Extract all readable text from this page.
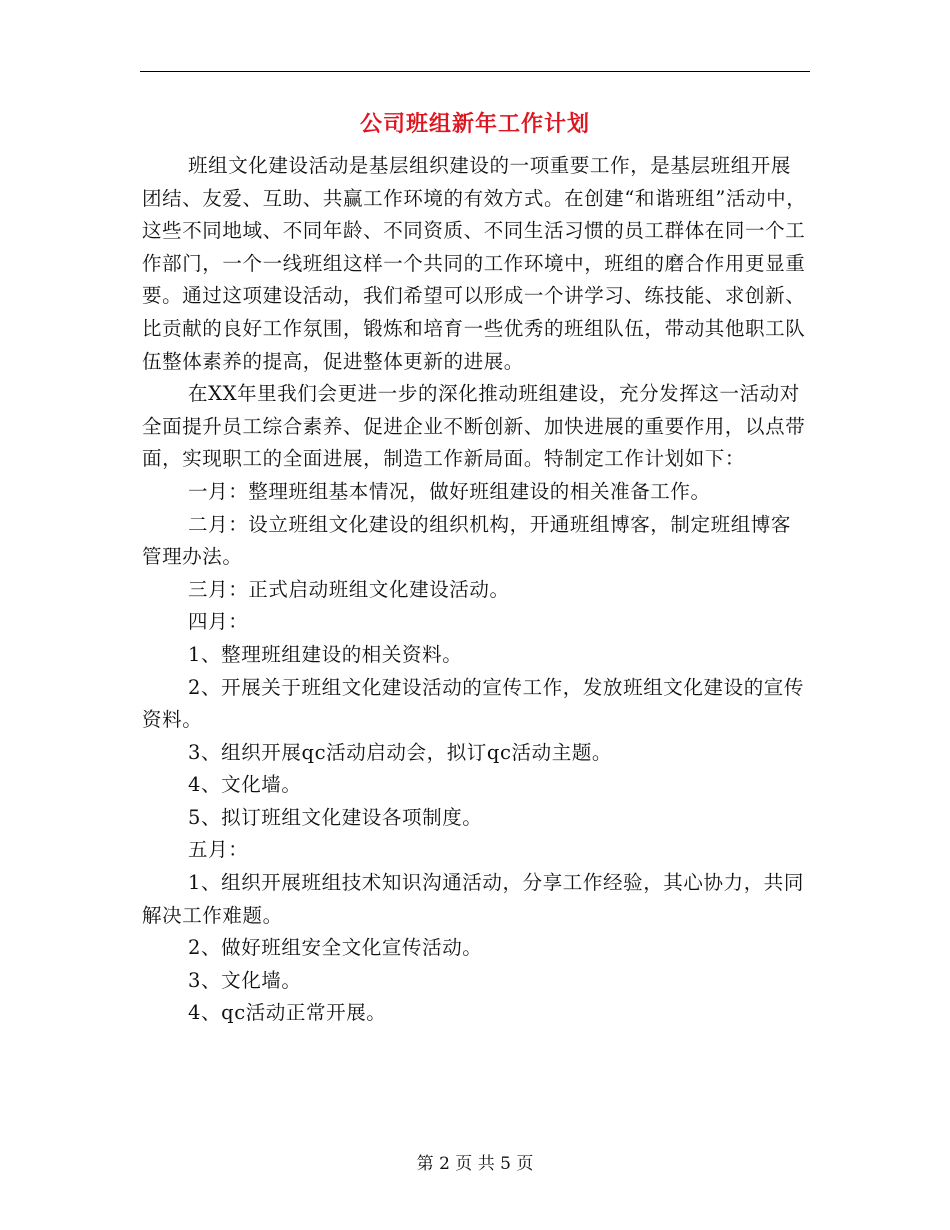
公司班组新年工作计划

班组文化建设活动是基层组织建设的一项重要工作，是基层班组开展团结、友爱、互助、共赢工作环境的有效方式。在创建“和谐班组”活动中，这些不同地域、不同年龄、不同资质、不同生活习惯的员工群体在同一个工作部门，一个一线班组这样一个共同的工作环境中，班组的磨合作用更显重要。通过这项建设活动，我们希望可以形成一个讲学习、练技能、求创新、比贡献的良好工作氛围，锻炼和培育一些优秀的班组队伍，带动其他职工队伍整体素养的提高，促进整体更新的进展。

在XX年里我们会更进一步的深化推动班组建设，充分发挥这一活动对全面提升员工综合素养、促进企业不断创新、加快进展的重要作用，以点带面，实现职工的全面进展，制造工作新局面。特制定工作计划如下：

一月：整理班组基本情况，做好班组建设的相关准备工作。

二月：设立班组文化建设的组织机构，开通班组博客，制定班组博客管理办法。

三月：正式启动班组文化建设活动。

四月：

1、整理班组建设的相关资料。

2、开展关于班组文化建设活动的宣传工作，发放班组文化建设的宣传资料。

3、组织开展qc活动启动会，拟订qc活动主题。

4、文化墙。

5、拟订班组文化建设各项制度。

五月：

1、组织开展班组技术知识沟通活动，分享工作经验，其心协力，共同解决工作难题。

2、做好班组安全文化宣传活动。

3、文化墙。

4、qc活动正常开展。

第 2 页 共 5 页
